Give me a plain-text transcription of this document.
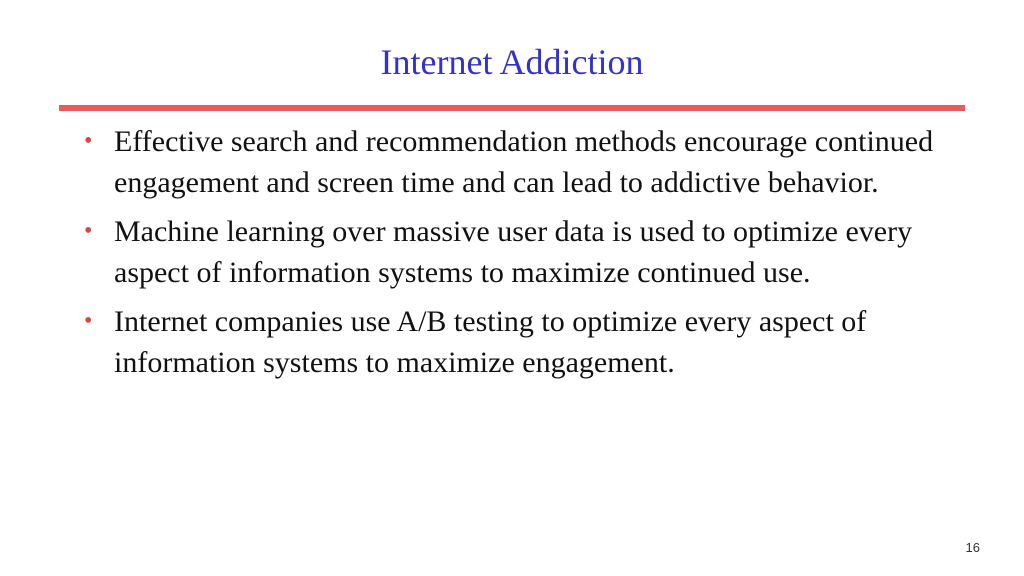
Internet Addiction
• Effective search and recommendation methods encourage continued engagement and screen time and can lead to addictive behavior.
• Machine learning over massive user data is used to optimize every aspect of information systems to maximize continued use.
• Internet companies use A/B testing to optimize every aspect of information systems to maximize engagement.
16
